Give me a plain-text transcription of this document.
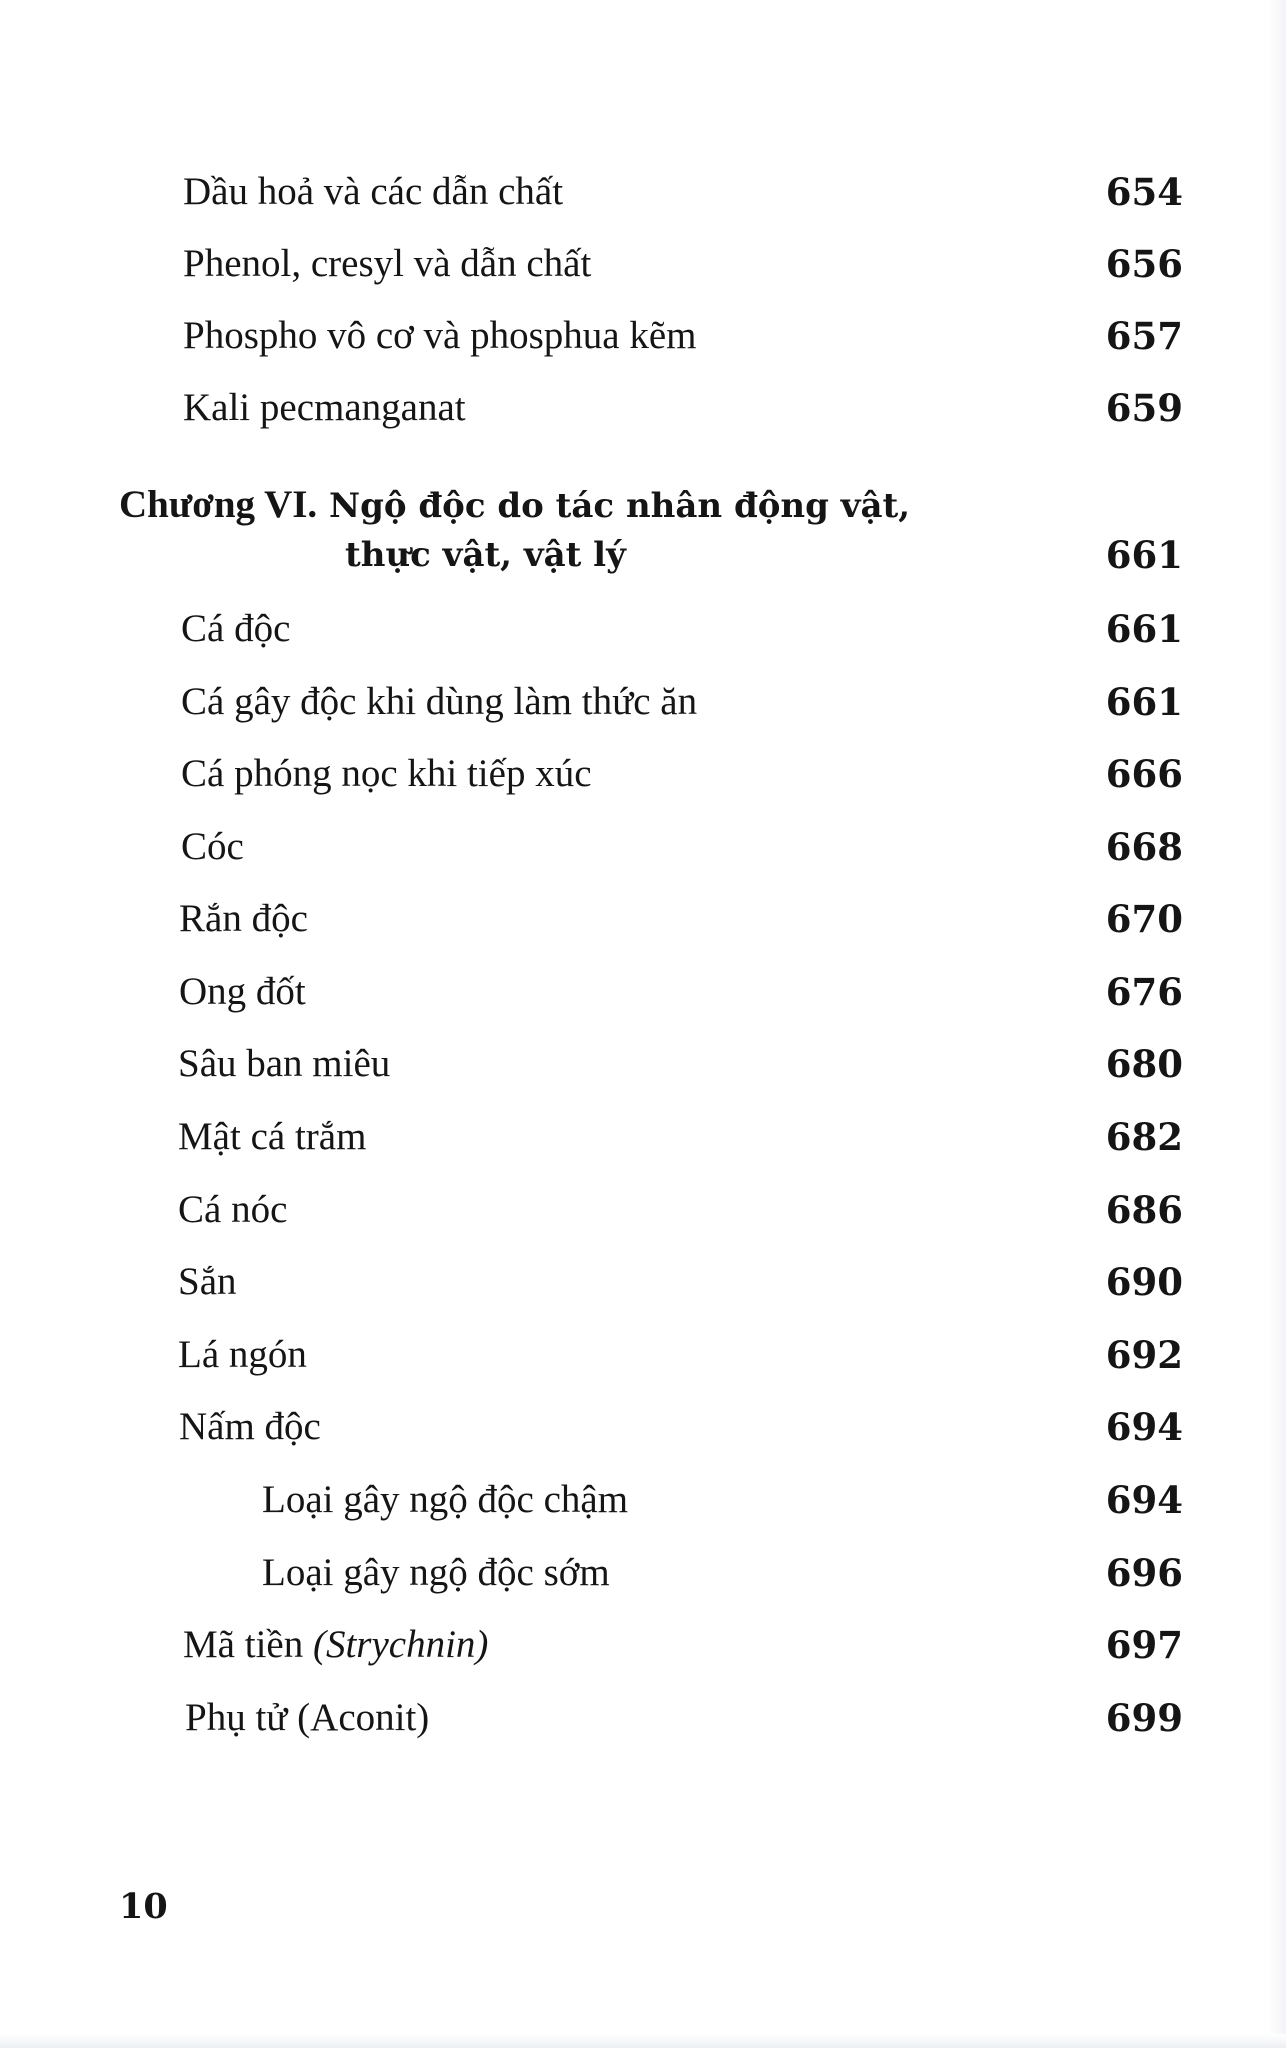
Dầu hoả và các dẫn chất	654
Phenol, cresyl và dẫn chất	656
Phospho vô cơ và phosphua kẽm	657
Kali pecmanganat	659
Chương VI. Ngộ độc do tác nhân động vật,
thực vật, vật lý	661
Cá độc	661
Cá gây độc khi dùng làm thức ăn	661
Cá phóng nọc khi tiếp xúc	666
Cóc	668
Rắn độc	670
Ong đốt	676
Sâu ban miêu	680
Mật cá trắm	682
Cá nóc	686
Sắn	690
Lá ngón	692
Nấm độc	694
Loại gây ngộ độc chậm	694
Loại gây ngộ độc sớm	696
Mã tiền (Strychnin)	697
Phụ tử (Aconit)	699
10
